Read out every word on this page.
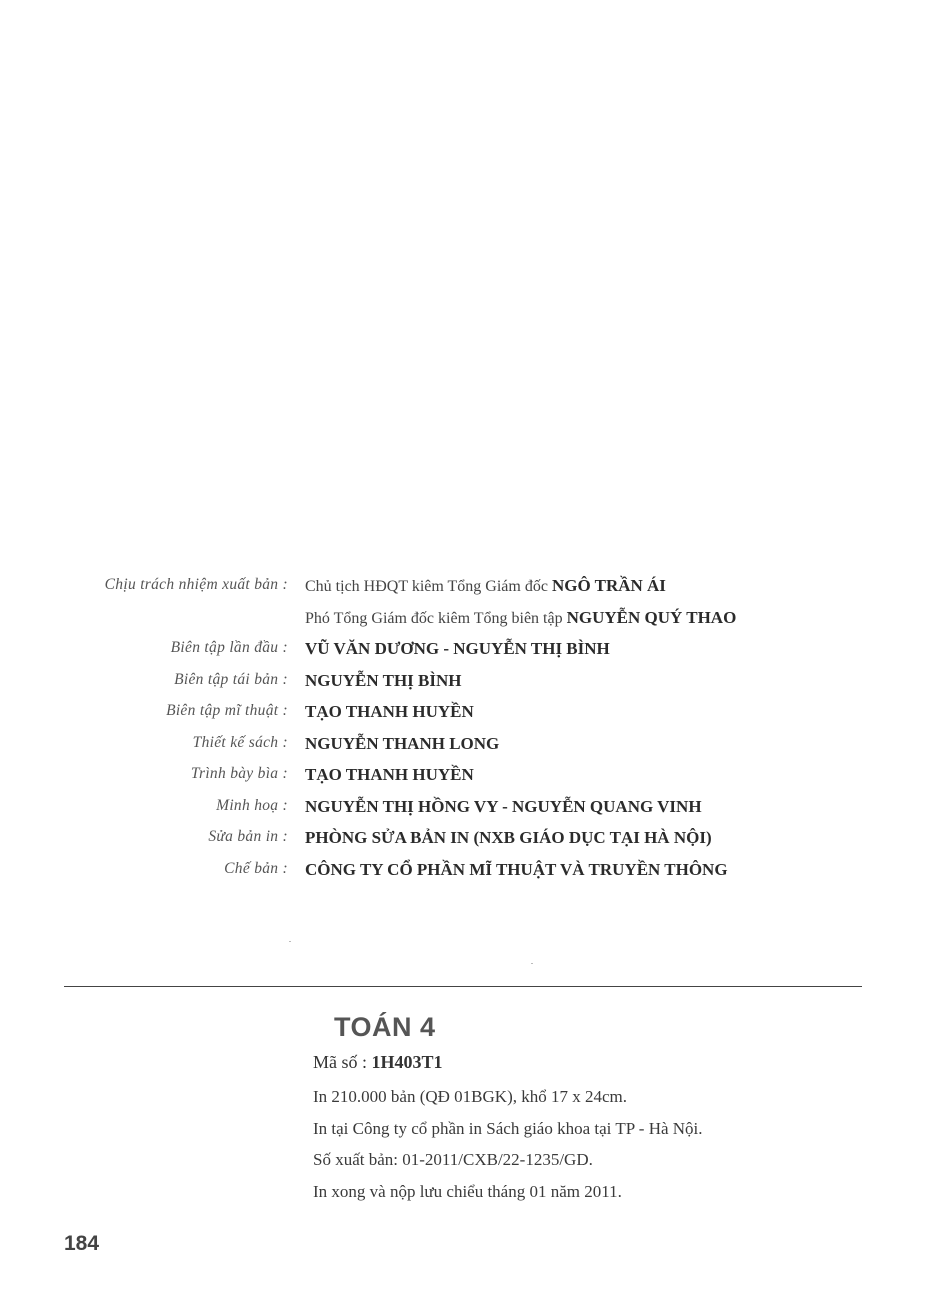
Chịu trách nhiệm xuất bản : Chủ tịch HĐQT kiêm Tổng Giám đốc NGÔ TRẦN ÁI
Phó Tổng Giám đốc kiêm Tổng biên tập NGUYỄN QUÝ THAO
Biên tập lần đầu : VŨ VĂN DƯƠNG - NGUYỄN THỊ BÌNH
Biên tập tái bản : NGUYỄN THỊ BÌNH
Biên tập mĩ thuật : TẠO THANH HUYỀN
Thiết kế sách : NGUYỄN THANH LONG
Trình bày bìa : TẠO THANH HUYỀN
Minh hoạ : NGUYỄN THỊ HỒNG VY - NGUYỄN QUANG VINH
Sửa bản in : PHÒNG SỬA BẢN IN (NXB GIÁO DỤC TẠI HÀ NỘI)
Chế bản : CÔNG TY CỔ PHẦN MĨ THUẬT VÀ TRUYỀN THÔNG
TOÁN 4
Mã số : 1H403T1
In 210.000 bản (QĐ 01BGK), khổ 17 x 24cm.
In tại Công ty cổ phần in Sách giáo khoa tại TP - Hà Nội.
Số xuất bản: 01-2011/CXB/22-1235/GD.
In xong và nộp lưu chiểu tháng 01 năm 2011.
184
